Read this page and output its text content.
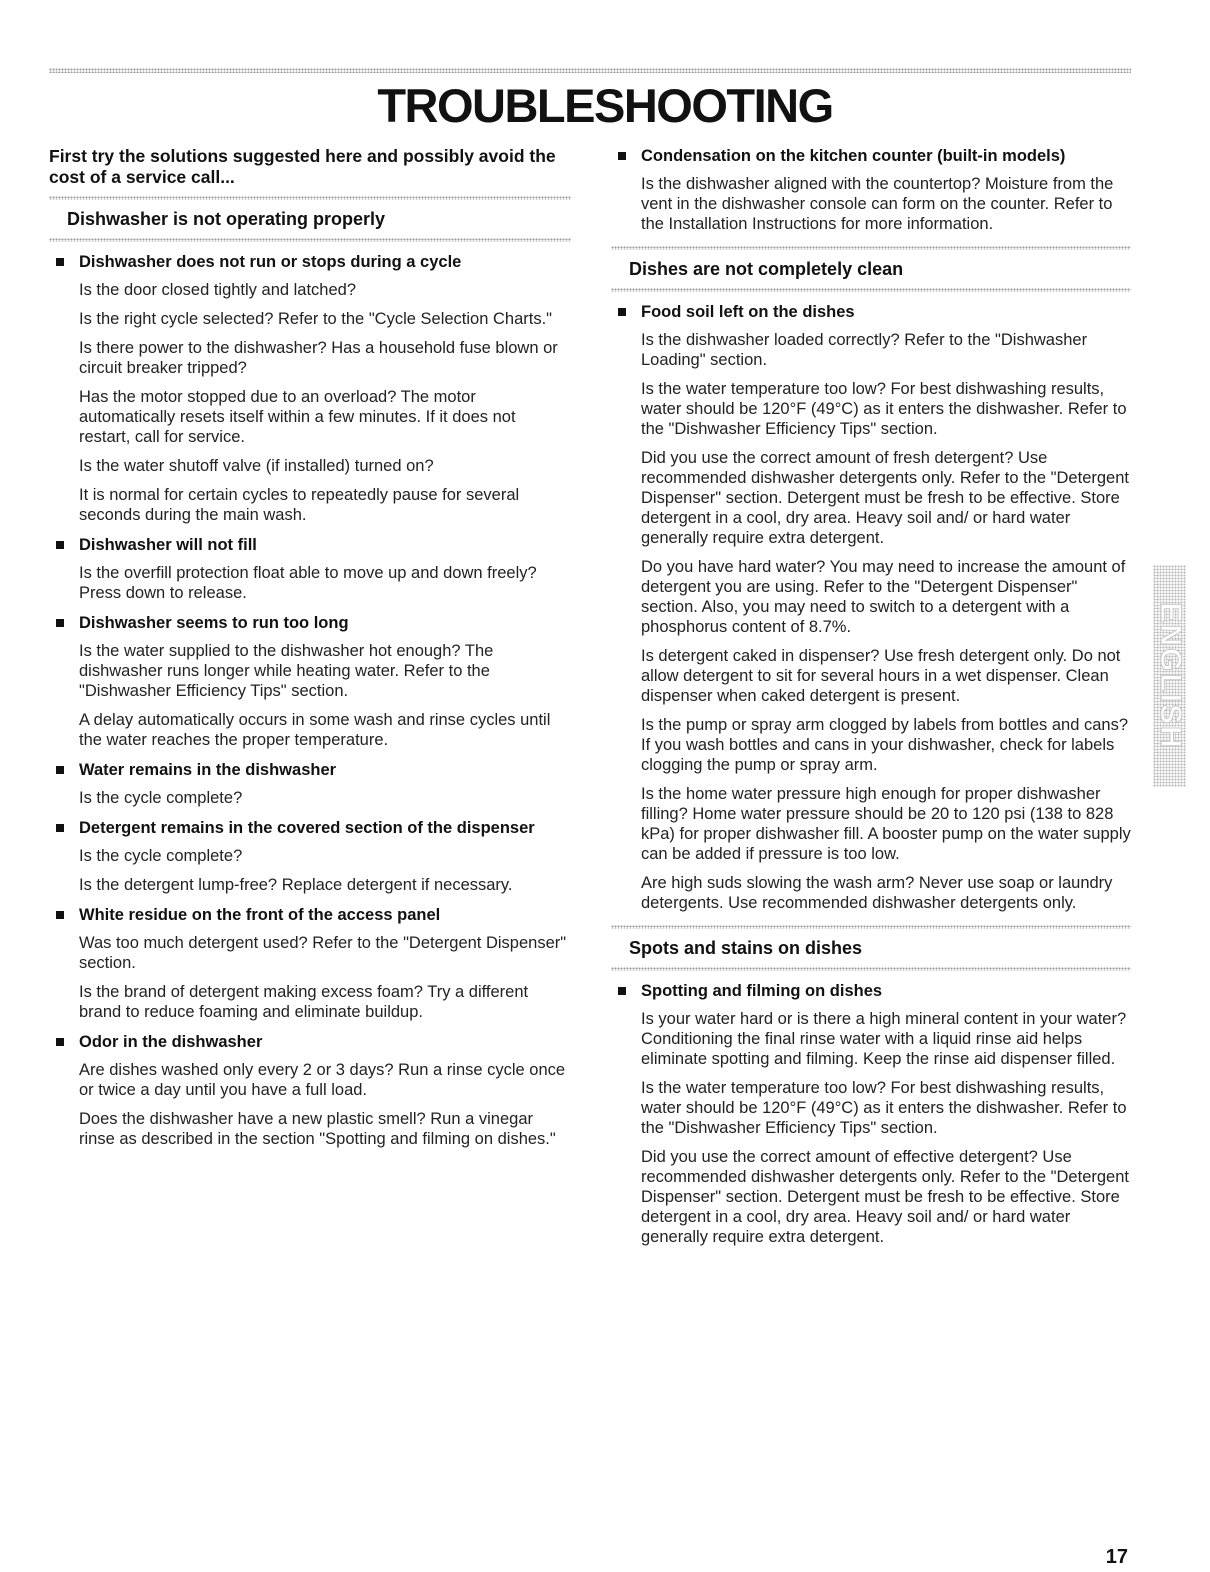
TROUBLESHOOTING

First try the solutions suggested here and possibly avoid the cost of a service call...

Dishwasher is not operating properly
Dishwasher does not run or stops during a cycle

Is the door closed tightly and latched?

Is the right cycle selected? Refer to the "Cycle Selection Charts."

Is there power to the dishwasher? Has a household fuse blown or circuit breaker tripped?

Has the motor stopped due to an overload? The motor automatically resets itself within a few minutes. If it does not restart, call for service.

Is the water shutoff valve (if installed) turned on?

It is normal for certain cycles to repeatedly pause for several seconds during the main wash.

Dishwasher will not fill

Is the overfill protection float able to move up and down freely? Press down to release.

Dishwasher seems to run too long

Is the water supplied to the dishwasher hot enough? The dishwasher runs longer while heating water. Refer to the "Dishwasher Efficiency Tips" section.

A delay automatically occurs in some wash and rinse cycles until the water reaches the proper temperature.

Water remains in the dishwasher

Is the cycle complete?

Detergent remains in the covered section of the dispenser

Is the cycle complete?

Is the detergent lump-free? Replace detergent if necessary.

White residue on the front of the access panel

Was too much detergent used? Refer to the "Detergent Dispenser" section.

Is the brand of detergent making excess foam? Try a different brand to reduce foaming and eliminate buildup.

Odor in the dishwasher

Are dishes washed only every 2 or 3 days? Run a rinse cycle once or twice a day until you have a full load.

Does the dishwasher have a new plastic smell? Run a vinegar rinse as described in the section "Spotting and filming on dishes."

Condensation on the kitchen counter (built-in models)

Is the dishwasher aligned with the countertop? Moisture from the vent in the dishwasher console can form on the counter. Refer to the Installation Instructions for more information.

Dishes are not completely clean
Food soil left on the dishes

Is the dishwasher loaded correctly? Refer to the "Dishwasher Loading" section.

Is the water temperature too low? For best dishwashing results, water should be 120°F (49°C) as it enters the dishwasher. Refer to the "Dishwasher Efficiency Tips" section.

Did you use the correct amount of fresh detergent? Use recommended dishwasher detergents only. Refer to the "Detergent Dispenser" section. Detergent must be fresh to be effective. Store detergent in a cool, dry area. Heavy soil and/ or hard water generally require extra detergent.

Do you have hard water? You may need to increase the amount of detergent you are using. Refer to the "Detergent Dispenser" section. Also, you may need to switch to a detergent with a phosphorus content of 8.7%.

Is detergent caked in dispenser? Use fresh detergent only. Do not allow detergent to sit for several hours in a wet dispenser. Clean dispenser when caked detergent is present.

Is the pump or spray arm clogged by labels from bottles and cans? If you wash bottles and cans in your dishwasher, check for labels clogging the pump or spray arm.

Is the home water pressure high enough for proper dishwasher filling? Home water pressure should be 20 to 120 psi (138 to 828 kPa) for proper dishwasher fill. A booster pump on the water supply can be added if pressure is too low.

Are high suds slowing the wash arm? Never use soap or laundry detergents. Use recommended dishwasher detergents only.

Spots and stains on dishes
Spotting and filming on dishes

Is your water hard or is there a high mineral content in your water? Conditioning the final rinse water with a liquid rinse aid helps eliminate spotting and filming. Keep the rinse aid dispenser filled.

Is the water temperature too low? For best dishwashing results, water should be 120°F (49°C) as it enters the dishwasher. Refer to the "Dishwasher Efficiency Tips" section.

Did you use the correct amount of effective detergent? Use recommended dishwasher detergents only. Refer to the "Detergent Dispenser" section. Detergent must be fresh to be effective. Store detergent in a cool, dry area. Heavy soil and/ or hard water generally require extra detergent.

ENGLISH
17
